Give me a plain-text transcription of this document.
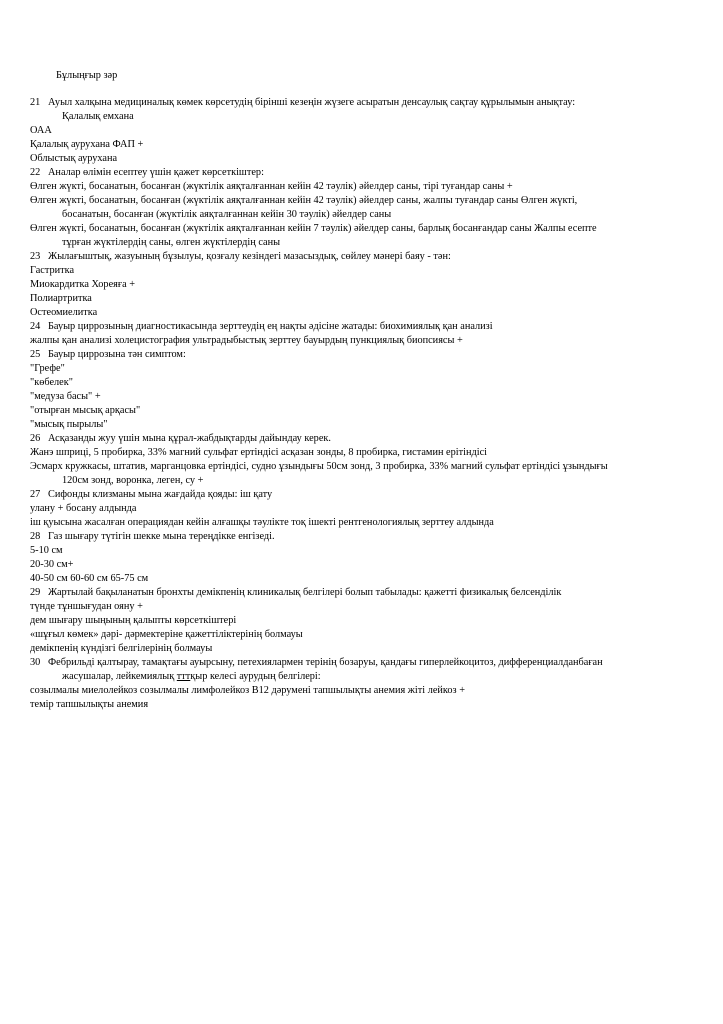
Бұлыңғыр зәр
21 Ауыл халқына медициналық көмек көрсетудің бірінші кезеңін жүзеге асыратын денсаулық сақтау құрылымын анықтау:
Қалалық емхана
ОАА
Қалалық аурухана ФАП +
Облыстық аурухана
22 Аналар өлімін есептеу үшін қажет көрсеткіштер:
Өлген жүкті, босанатын, босанған (жүктілік аяқталғаннан кейін 42 тәулік) әйелдер саны, тірі туғандар саны +
Өлген жүкті, босанатын, босанған (жүктілік аяқталғаннан кейін 42 тәулік) әйелдер саны, жалпы туғандар саны Өлген жүкті,
босанатын, босанған (жүктілік аяқталғаннан кейін 30 тәулік) әйелдер саны
Өлген жүкті, босанатын, босанған (жүктілік аяқталғаннан кейін 7 тәулік) әйелдер саны, барлық босанғандар саны Жалпы есепте
тұрған жүктілердің саны, өлген жүктілердің саны
23 Жылағыштық, жазуының бұзылуы, қозғалу кезіндегі мазасыздық, сөйлеу мәнері баяу - тән:
Гастритка
Миокардитка Хореяға +
Полиартритка
Остеомиелитка
24 Бауыр циррозының диагностикасында зерттеудің ең нақты әдісіне жатады: биохимиялық қан анализі
жалпы қан анализі холецистография ультрадыбыстық зерттеу бауырдың пункциялық биопсиясы +
25 Бауыр циррозына тән симптом:
"Грефе"
"көбелек"
"медуза басы" +
"отырған мысық арқасы"
"мысық пырылы"
26 Асқазанды жуу үшін мына құрал-жабдықтарды дайындау керек.
Жанэ шприці, 5 пробирка, 33% магний сульфат ертіндісі асқазан зонды, 8 пробирка, гистамин ерітіндісі
Эсмарх кружкасы, штатив, марганцовка ертіндісі, судно ұзындығы 50см зонд, 3 пробирка, 33% магний сульфат ертіндісі ұзындығы
120см зонд, воронка, леген, су +
27 Сифонды клизманы мына жағдайда қояды: іш қату
улану + босану алдында
іш қуысына жасалған операциядан кейін алғашқы тәулікте тоқ ішекті рентгенологиялық зерттеу алдында
28 Газ шығару түтігін шекке мына тереңдікке енгізеді.
5-10 см
20-30 см+
40-50 см 60-60 см 65-75 см
29 Жартылай бақыланатын бронхты демікпенің клиникалық белгілері болып табылады: қажетті физикалық белсенділік
түнде тұншығудан ояну +
дем шығару шыңының қалыпты көрсеткіштері
«шұғыл көмек» дәрі- дәрмектеріне қажеттіліктерінің болмауы
демікпенің күндізгі белгілерінің болмауы
30 Фебрильді қалтырау, тамақтағы ауырсыну, петехиялармен терінің бозаруы, қандағы гиперлейкоцитоз, дифференциалданбаған
жасушалар, лейкемиялық тттқыр келесі аурудың белгілері:
созылмалы миелолейкоз созылмалы лимфолейкоз В12 дәрумені тапшылықты анемия жіті лейкоз +
темір тапшылықты анемия
